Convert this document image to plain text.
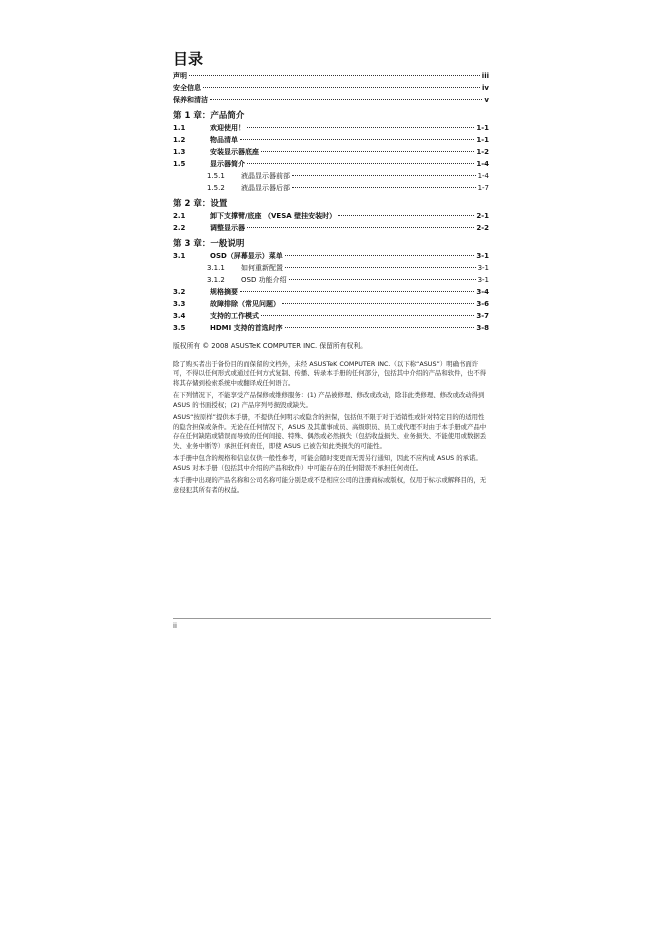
目录
声明	iii
安全信息	iv
保养和清洁	v
第 1 章：产品简介
1.1	欢迎使用！	1-1
1.2	物品清单	1-1
1.3	安装显示器底座	1-2
1.5	显示器简介	1-4
1.5.1	液晶显示器前部	1-4
1.5.2	液晶显示器后部	1-7
第 2 章：设置
2.1	卸下支撑臂/底座 （VESA 壁挂安装时）	2-1
2.2	调整显示器	2-2
第 3 章：一般说明
3.1	OSD（屏幕显示）菜单	3-1
3.1.1	如何重新配置	3-1
3.1.2	OSD 功能介绍	3-1
3.2	规格摘要	3-4
3.3	故障排除（常见问题）	3-6
3.4	支持的工作模式	3-7
3.5	HDMI 支持的首选时序	3-8

版权所有 © 2008 ASUSTeK COMPUTER INC. 保留所有权利。

除了购买者出于备份目的而保留的文档外，未经 ASUSTeK COMPUTER INC.（以下称“ASUS”）明确书面许可，不得以任何形式或通过任何方式复制、传播、转录本手册的任何部分，包括其中介绍的产品和软件，也不得将其存储到检索系统中或翻译成任何语言。

在下列情况下，不能享受产品保修或维修服务：(1) 产品被修理、修改或改动，除非此类修理、修改或改动得到 ASUS 的书面授权；(2) 产品序列号损毁或缺失。

ASUS“按原样”提供本手册，不提供任何明示或隐含的担保，包括但不限于对于适销性或针对特定目的的适用性的隐含担保或条件。无论在任何情况下，ASUS 及其董事成员、高级职员、员工或代理不对由于本手册或产品中存在任何缺陷或错误而导致的任何间接、特殊、偶然或必然损失（包括收益损失、业务损失、不能使用或数据丢失、业务中断等）承担任何责任，即使 ASUS 已被告知此类损失的可能性。

本手册中包含的规格和信息仅供一般性参考，可能会随时变更而无需另行通知，因此不应构成 ASUS 的承诺。ASUS 对本手册（包括其中介绍的产品和软件）中可能存在的任何错误不承担任何责任。

本手册中出现的产品名称和公司名称可能分别是或不是相应公司的注册商标或版权，仅用于标示或解释目的，无意侵犯其所有者的权益。

ii
